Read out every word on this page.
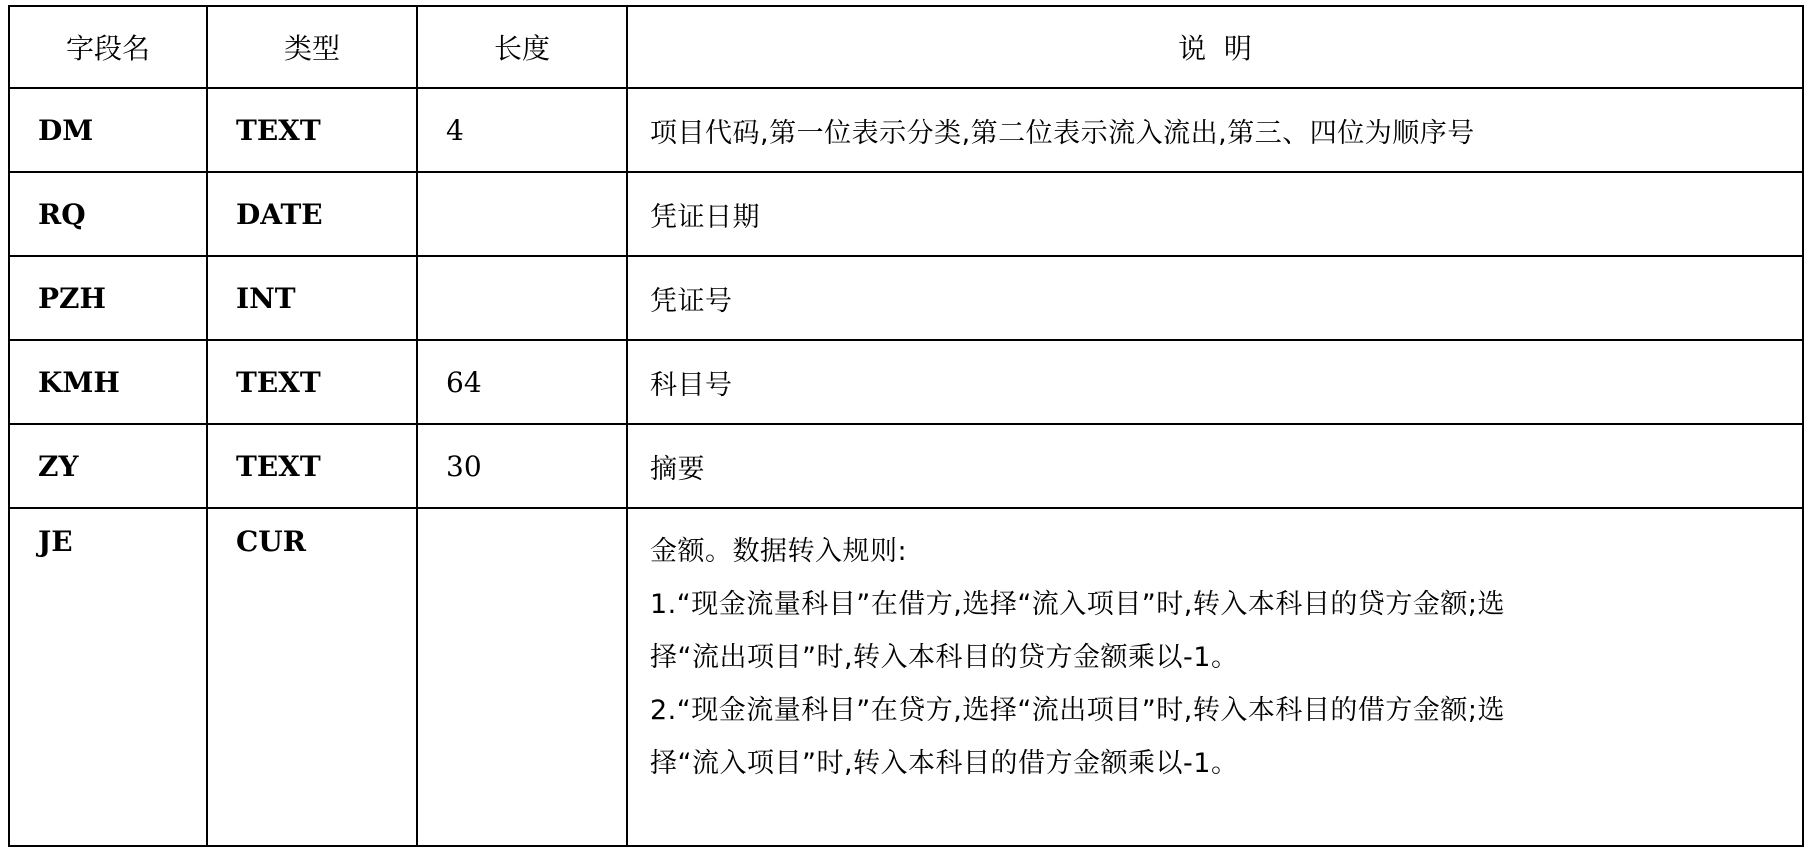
字段名	类型	长度	说  明
DM	TEXT	4	项目代码,第一位表示分类,第二位表示流入流出,第三、四位为顺序号
RQ	DATE		凭证日期
PZH	INT		凭证号
KMH	TEXT	64	科目号
ZY	TEXT	30	摘要
JE	CUR		金额。数据转入规则:
1.“现金流量科目”在借方,选择“流入项目”时,转入本科目的贷方金额;选
择“流出项目”时,转入本科目的贷方金额乘以-1。
2.“现金流量科目”在贷方,选择“流出项目”时,转入本科目的借方金额;选
择“流入项目”时,转入本科目的借方金额乘以-1。
